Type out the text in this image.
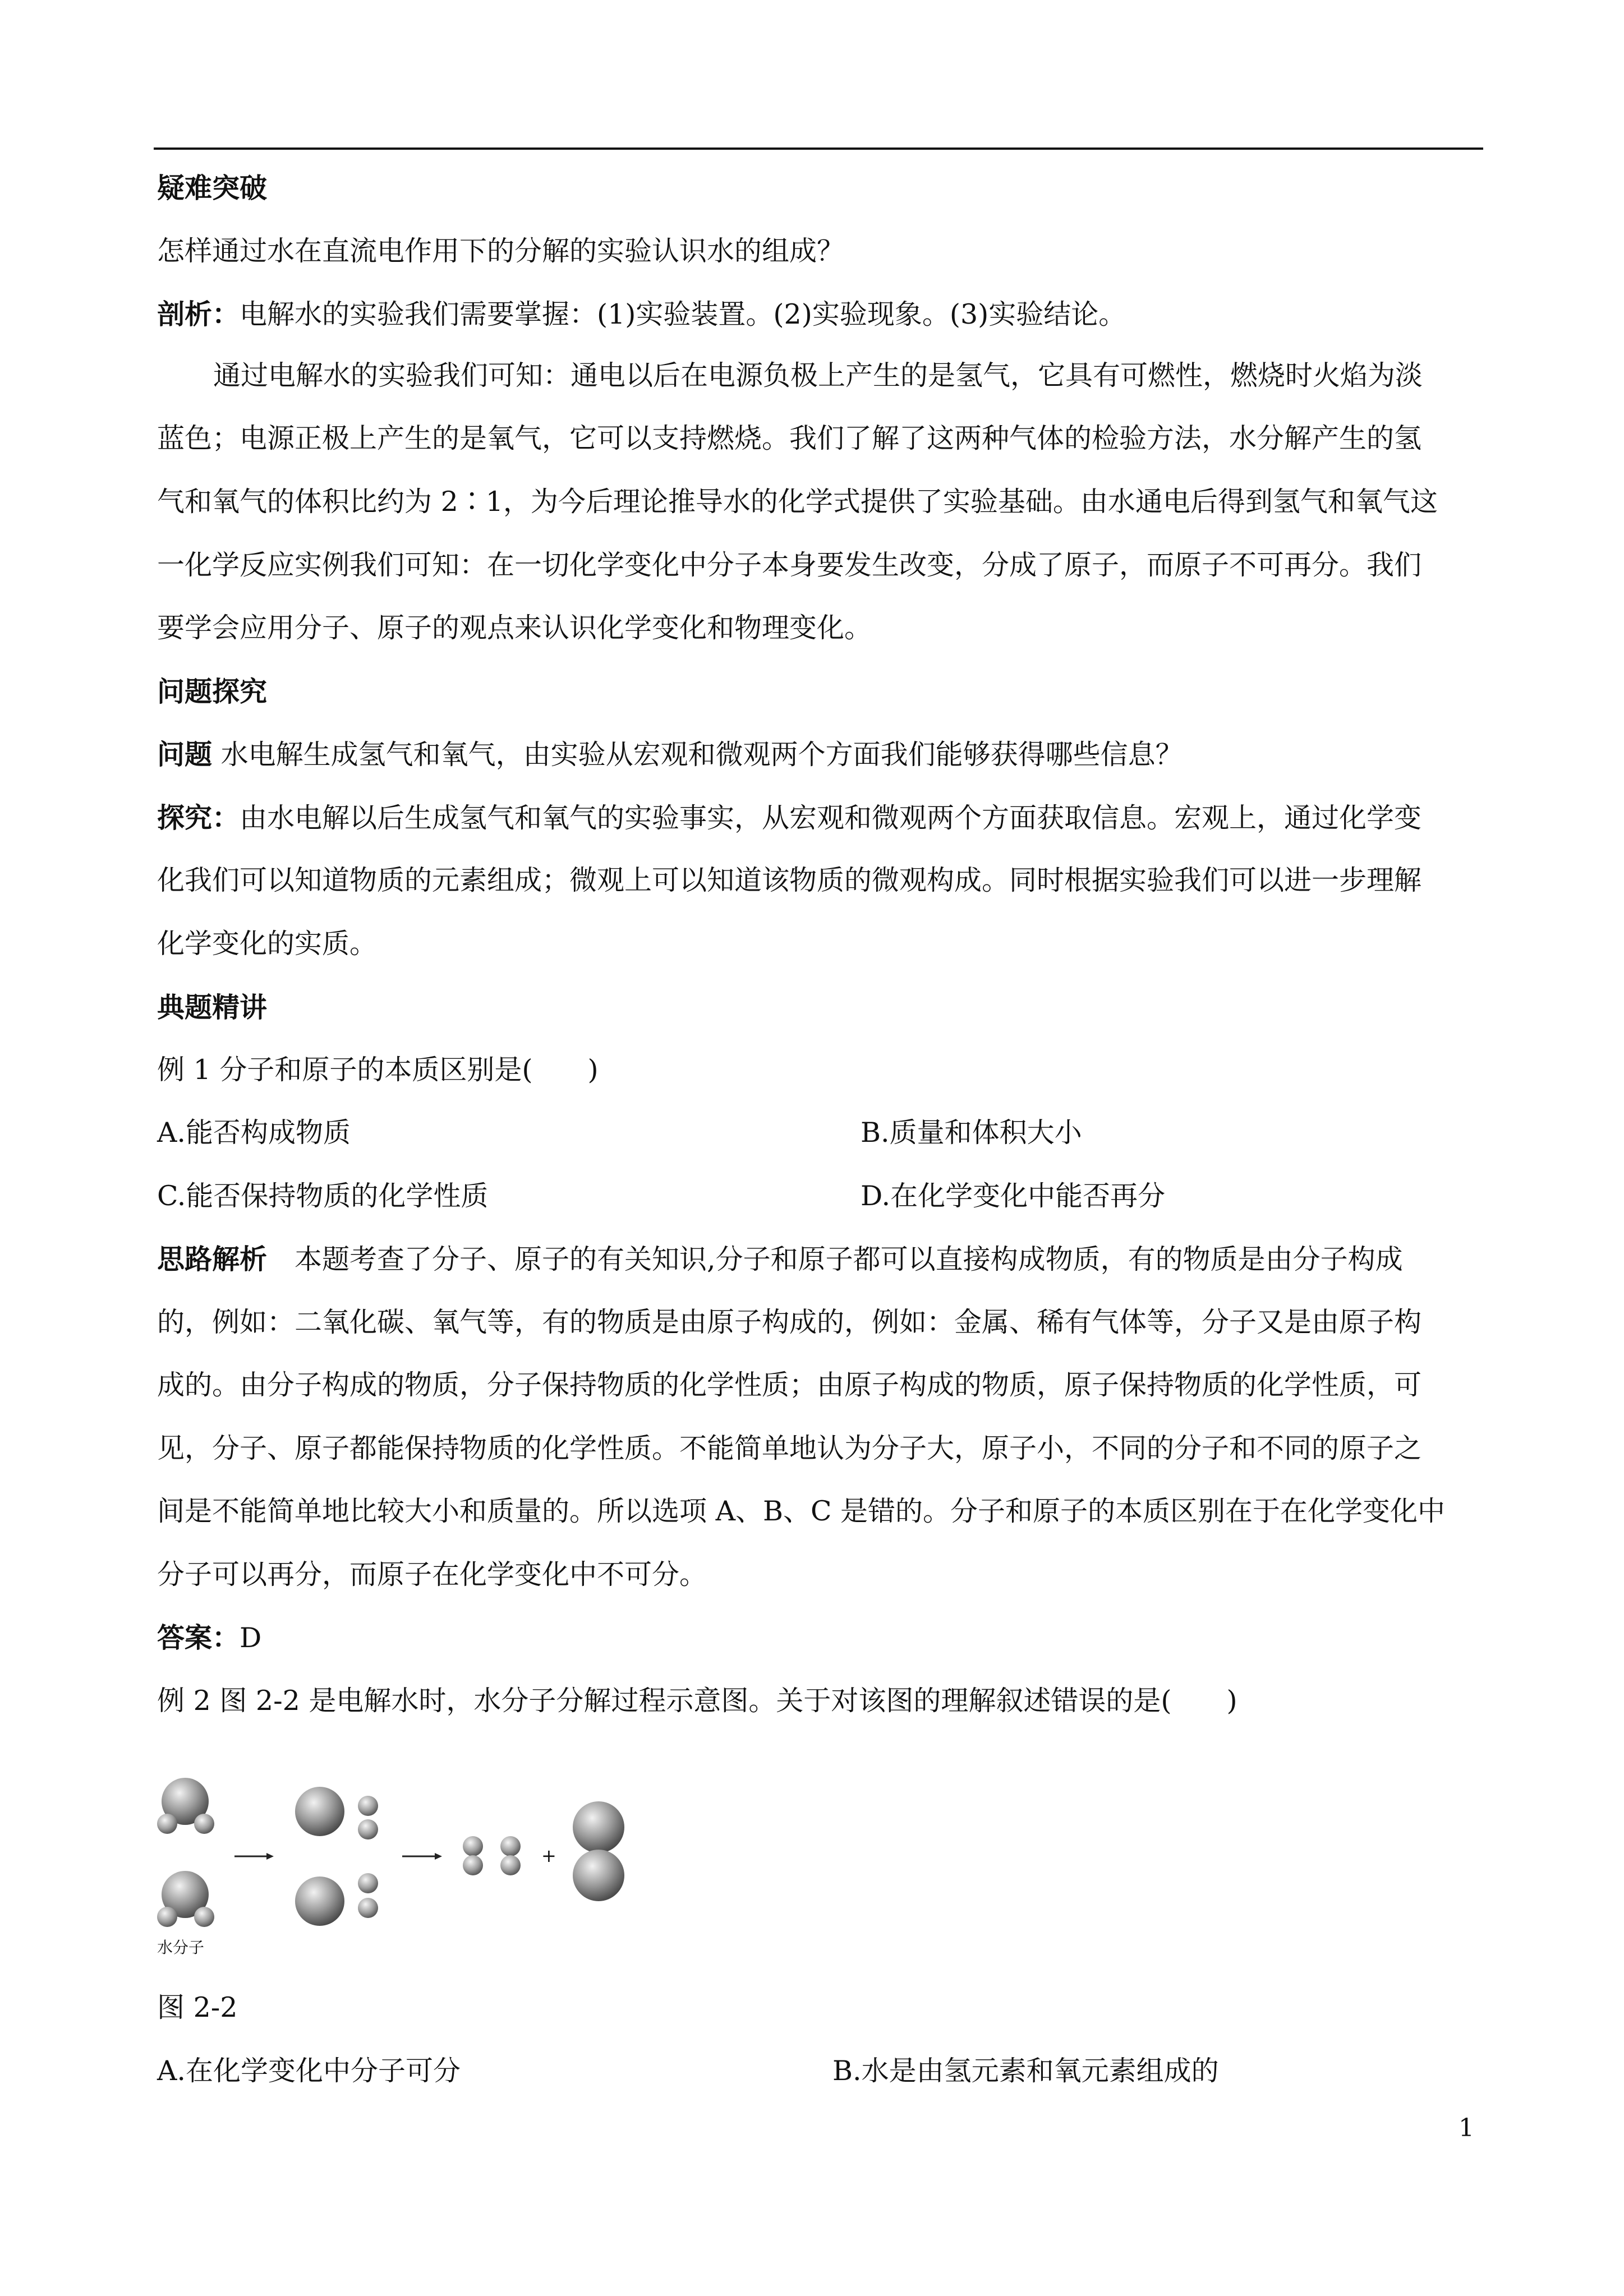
疑难突破
怎样通过水在直流电作用下的分解的实验认识水的组成？
剖析：电解水的实验我们需要掌握：(1)实验装置。(2)实验现象。(3)实验结论。
通过电解水的实验我们可知：通电以后在电源负极上产生的是氢气，它具有可燃性，燃烧时火焰为淡
蓝色；电源正极上产生的是氧气，它可以支持燃烧。我们了解了这两种气体的检验方法，水分解产生的氢
气和氧气的体积比约为 2∶1，为今后理论推导水的化学式提供了实验基础。由水通电后得到氢气和氧气这
一化学反应实例我们可知：在一切化学变化中分子本身要发生改变，分成了原子，而原子不可再分。我们
要学会应用分子、原子的观点来认识化学变化和物理变化。
问题探究
问题 水电解生成氢气和氧气，由实验从宏观和微观两个方面我们能够获得哪些信息？
探究：由水电解以后生成氢气和氧气的实验事实，从宏观和微观两个方面获取信息。宏观上，通过化学变
化我们可以知道物质的元素组成；微观上可以知道该物质的微观构成。同时根据实验我们可以进一步理解
化学变化的实质。
典题精讲
例 1 分子和原子的本质区别是(　　)
A.能否构成物质	B.质量和体积大小
C.能否保持物质的化学性质	D.在化学变化中能否再分
思路解析　本题考查了分子、原子的有关知识,分子和原子都可以直接构成物质，有的物质是由分子构成
的，例如：二氧化碳、氧气等，有的物质是由原子构成的，例如：金属、稀有气体等，分子又是由原子构
成的。由分子构成的物质，分子保持物质的化学性质；由原子构成的物质，原子保持物质的化学性质，可
见，分子、原子都能保持物质的化学性质。不能简单地认为分子大，原子小，不同的分子和不同的原子之
间是不能简单地比较大小和质量的。所以选项 A、B、C 是错的。分子和原子的本质区别在于在化学变化中
分子可以再分，而原子在化学变化中不可分。
答案：D
例 2 图 2-2 是电解水时，水分子分解过程示意图。关于对该图的理解叙述错误的是(　　)
水分子
+
图 2-2
A.在化学变化中分子可分	B.水是由氢元素和氧元素组成的
1
